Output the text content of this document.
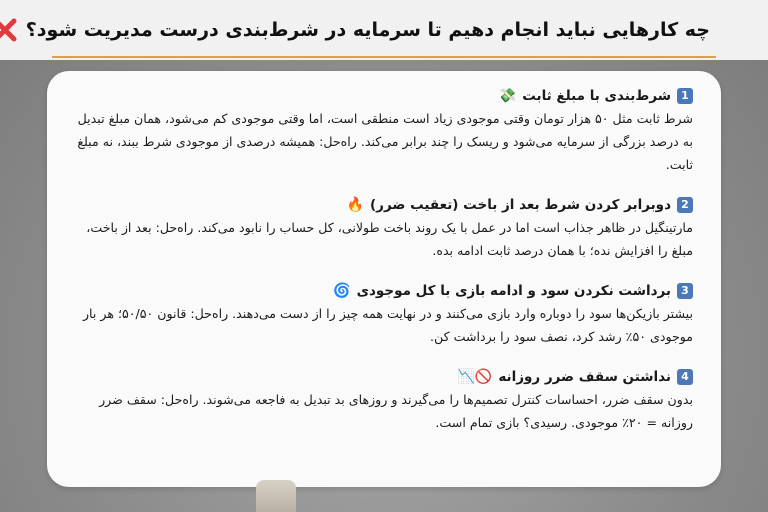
چه کارهایی نباید انجام دهیم تا سرمایه در شرط‌بندی درست مدیریت شود؟
1
شرط‌بندی با مبلغ ثابت
💸

شرط ثابت مثل ۵۰ هزار تومان وقتی موجودی زیاد است منطقی است، اما وقتی موجودی کم می‌شود، همان مبلغ تبدیل به درصد بزرگی از سرمایه می‌شود و ریسک را چند برابر می‌کند. راه‌حل: همیشه درصدی از موجودی شرط ببند، نه مبلغ ثابت.

2
دوبرابر کردن شرط بعد از باخت (تعقیب ضرر)
🔥

مارتینگیل در ظاهر جذاب است اما در عمل با یک روند باخت طولانی، کل حساب را نابود می‌کند. راه‌حل: بعد از باخت، مبلغ را افزایش نده؛ با همان درصد ثابت ادامه بده.

3
برداشت نکردن سود و ادامه بازی با کل موجودی
🌀

بیشتر بازیکن‌ها سود را دوباره وارد بازی می‌کنند و در نهایت همه چیز را از دست می‌دهند. راه‌حل: قانون ۵۰/۵۰؛ هر بار موجودی ۵۰٪ رشد کرد، نصف سود را برداشت کن.

4
نداشتن سقف ضرر روزانه
🚫📉

بدون سقف ضرر، احساسات کنترل تصمیم‌ها را می‌گیرند و روزهای بد تبدیل به فاجعه می‌شوند. راه‌حل: سقف ضرر روزانه = ۲۰٪ موجودی. رسیدی؟ بازی تمام است.
